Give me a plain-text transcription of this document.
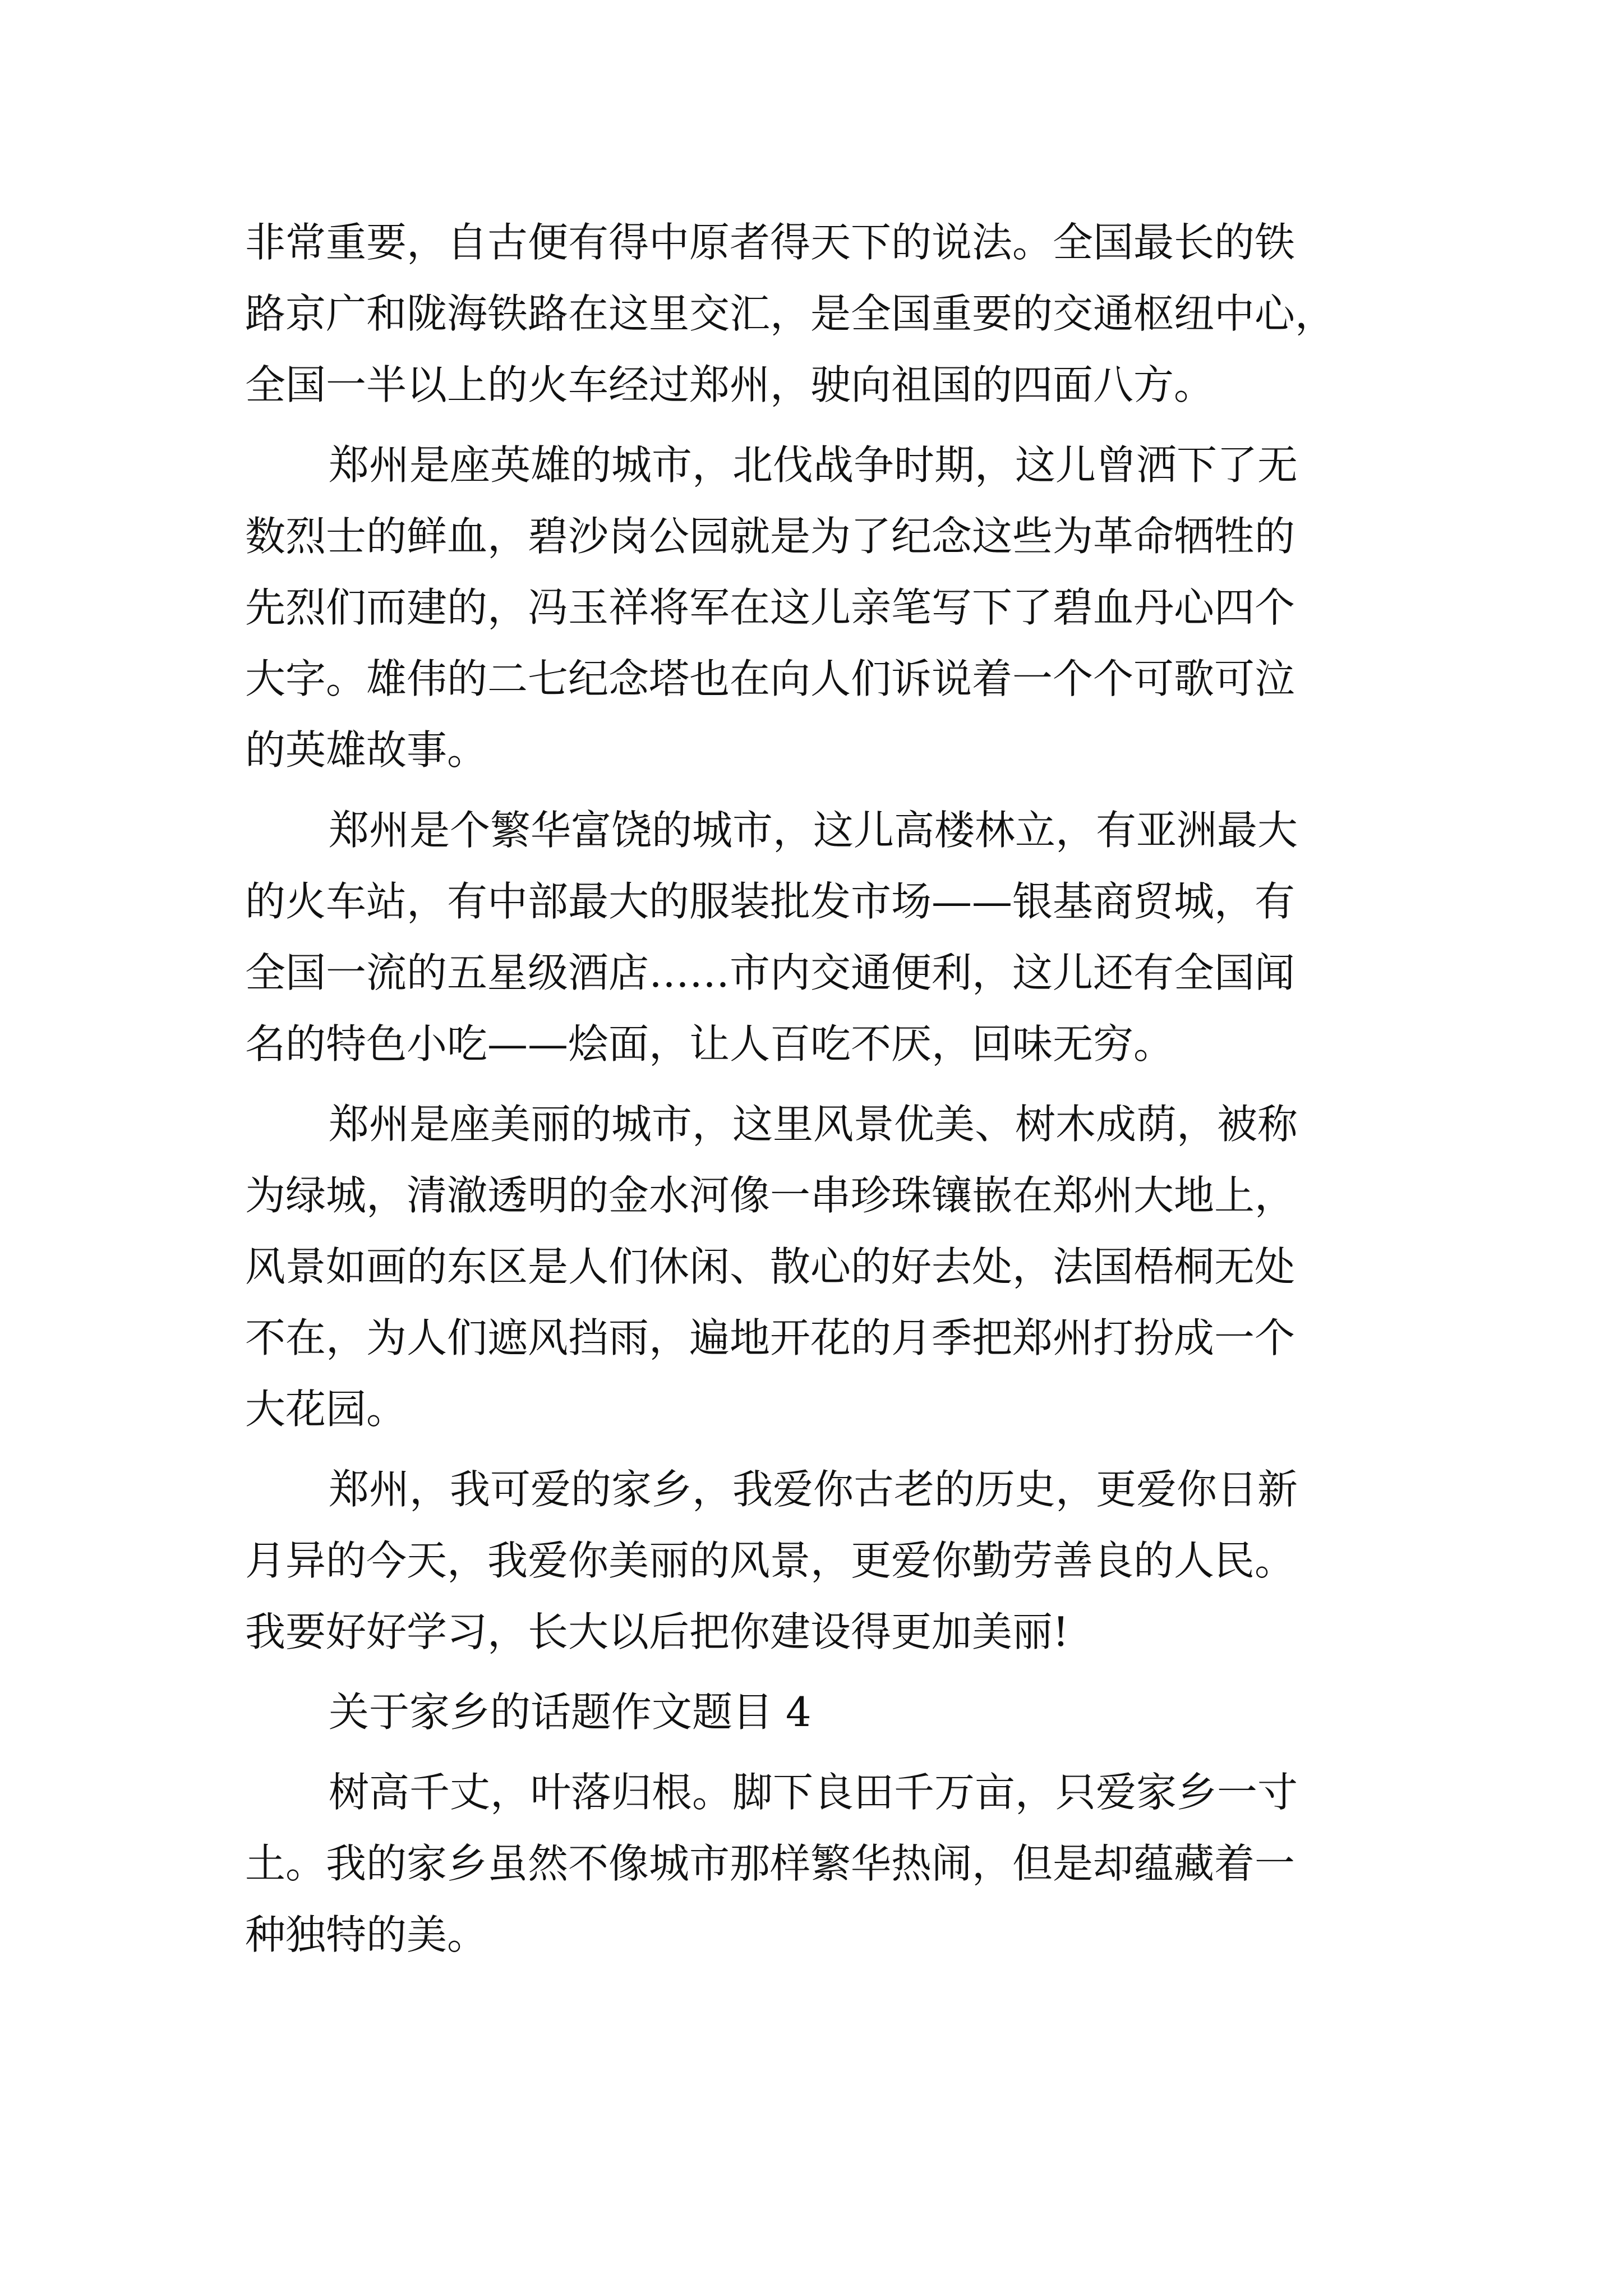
非常重要，自古便有得中原者得天下的说法。全国最长的铁
路京广和陇海铁路在这里交汇，是全国重要的交通枢纽中心，
全国一半以上的火车经过郑州，驶向祖国的四面八方。
郑州是座英雄的城市，北伐战争时期，这儿曾洒下了无
数烈士的鲜血，碧沙岗公园就是为了纪念这些为革命牺牲的
先烈们而建的，冯玉祥将军在这儿亲笔写下了碧血丹心四个
大字。雄伟的二七纪念塔也在向人们诉说着一个个可歌可泣
的英雄故事。
郑州是个繁华富饶的城市，这儿高楼林立，有亚洲最大
的火车站，有中部最大的服装批发市场——银基商贸城，有
全国一流的五星级酒店……市内交通便利，这儿还有全国闻
名的特色小吃——烩面，让人百吃不厌，回味无穷。
郑州是座美丽的城市，这里风景优美、树木成荫，被称
为绿城，清澈透明的金水河像一串珍珠镶嵌在郑州大地上，
风景如画的东区是人们休闲、散心的好去处，法国梧桐无处
不在，为人们遮风挡雨，遍地开花的月季把郑州打扮成一个
大花园。
郑州，我可爱的家乡，我爱你古老的历史，更爱你日新
月异的今天，我爱你美丽的风景，更爱你勤劳善良的人民。
我要好好学习，长大以后把你建设得更加美丽!
关于家乡的话题作文题目 4
树高千丈，叶落归根。脚下良田千万亩，只爱家乡一寸
土。我的家乡虽然不像城市那样繁华热闹，但是却蕴藏着一
种独特的美。
